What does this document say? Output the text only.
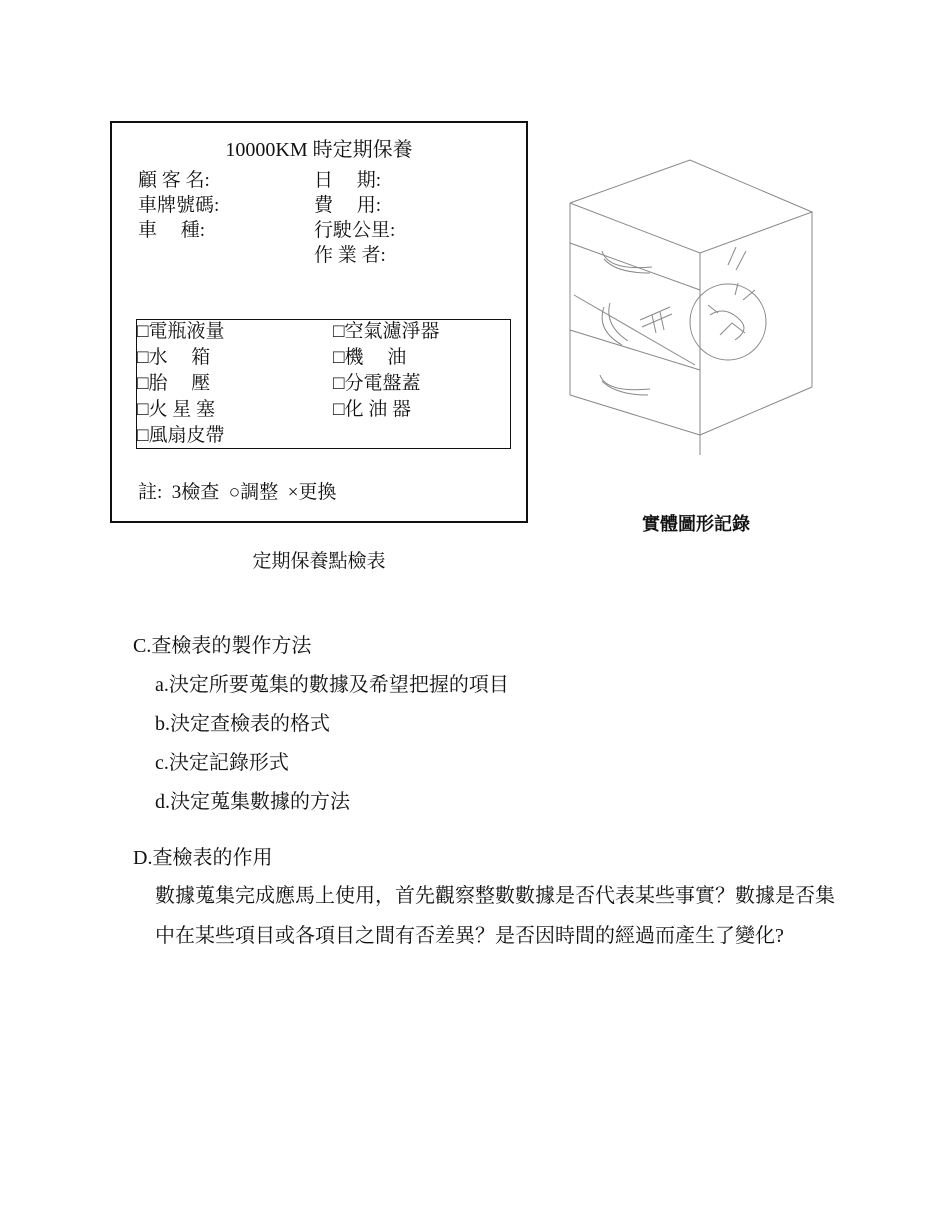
10000KM 時定期保養
顧 客 名:
車牌號碼:
車　 種:
日　 期:
費　 用:
行駛公里:
作 業 者:
□電瓶液量
□水　 箱
□胎　 壓
□火 星 塞
□風扇皮帶
□空氣濾淨器
□機　 油
□分電盤蓋
□化 油 器
註:  3檢查  ○調整  ×更換
定期保養點檢表
實體圖形記錄
C.查檢表的製作方法
a.決定所要蒐集的數據及希望把握的項目
b.決定查檢表的格式
c.決定記錄形式
d.決定蒐集數據的方法
D.查檢表的作用
數據蒐集完成應馬上使用，首先觀察整數數據是否代表某些事實？數據是否集中在某些項目或各項目之間有否差異？是否因時間的經過而產生了變化?
